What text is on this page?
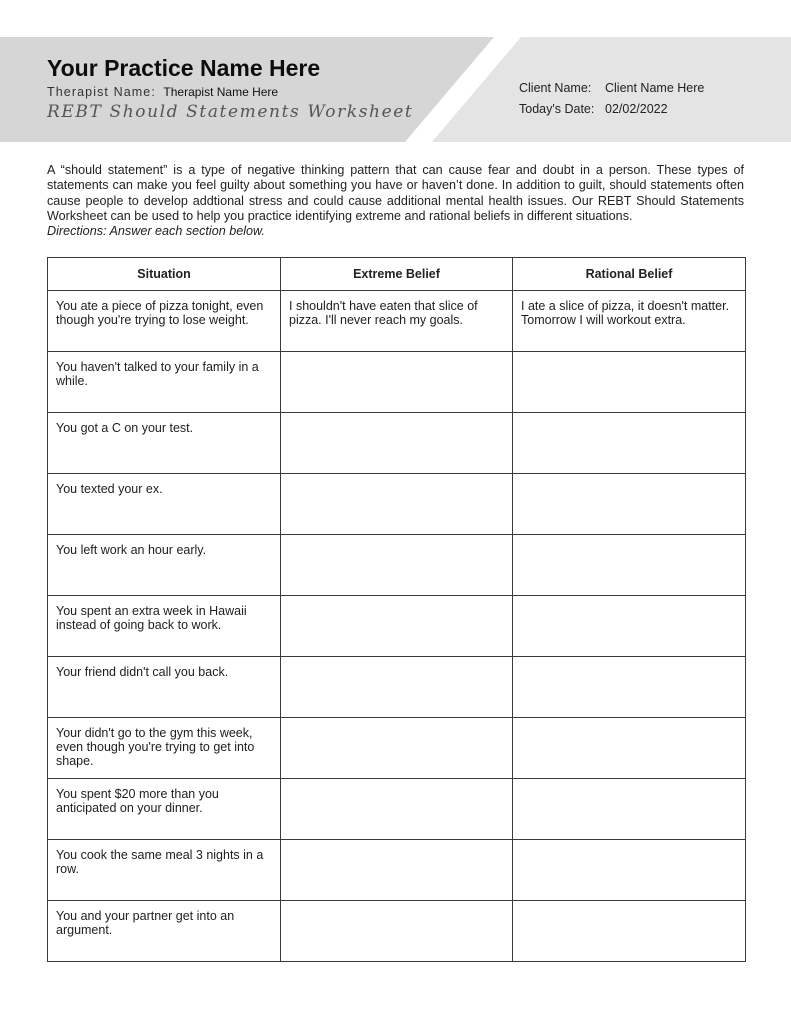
Your Practice Name Here
Therapist Name: Therapist Name Here
REBT Should Statements Worksheet
Client Name: Client Name Here
Today's Date: 02/02/2022
A “should statement” is a type of negative thinking pattern that can cause fear and doubt in a person. These types of statements can make you feel guilty about something you have or haven’t done. In addition to guilt, should statements often cause people to develop addtional stress and could cause additional mental health issues. Our REBT Should Statements Worksheet can be used to help you practice identifying extreme and rational beliefs in different situations.
Directions: Answer each section below.
Situation	Extreme Belief	Rational Belief
You ate a piece of pizza tonight, even though you're trying to lose weight.	I shouldn't have eaten that slice of pizza. I'll never reach my goals.	I ate a slice of pizza, it doesn't matter. Tomorrow I will workout extra.
You haven't talked to your family in a while.		
You got a C on your test.		
You texted your ex.		
You left work an hour early.		
You spent an extra week in Hawaii instead of going back to work.		
Your friend didn't call you back.		
Your didn't go to the gym this week, even though you're trying to get into shape.		
You spent $20 more than you anticipated on your dinner.		
You cook the same meal 3 nights in a row.		
You and your partner get into an argument.		
